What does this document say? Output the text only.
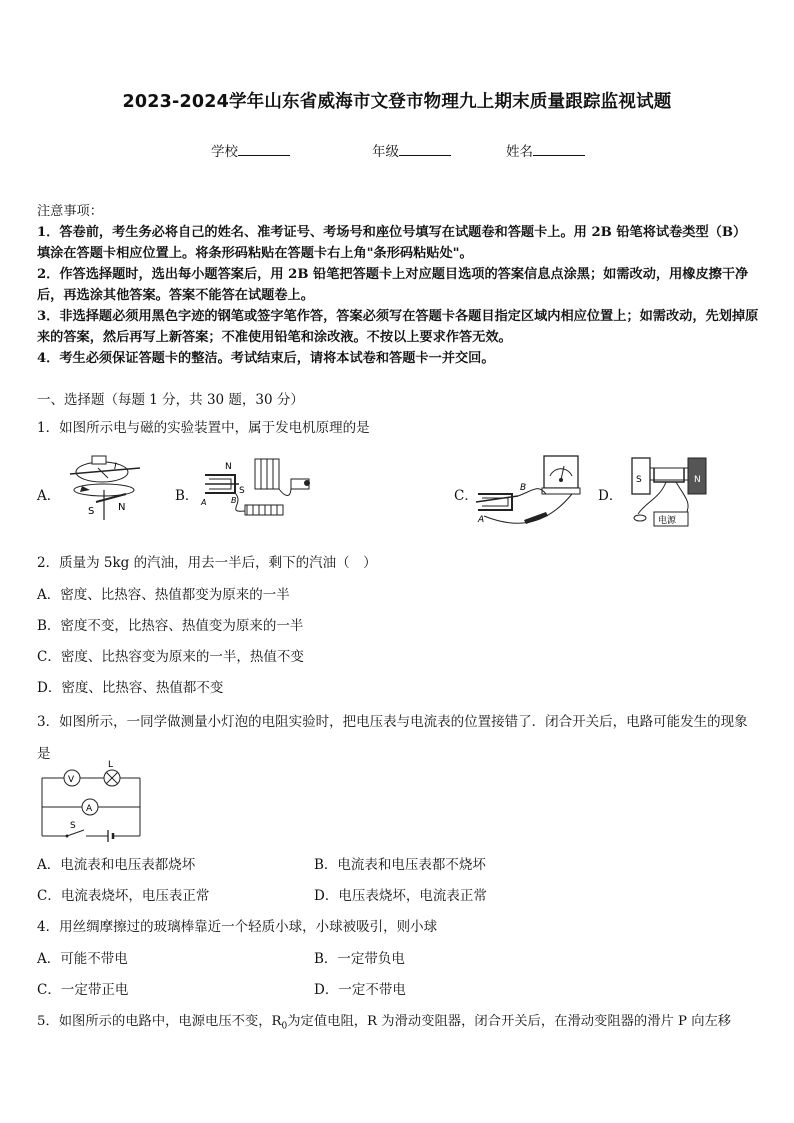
2023-2024学年山东省威海市文登市物理九上期末质量跟踪监视试题
学校	年级	姓名
注意事项：
1．答卷前，考生务必将自己的姓名、准考证号、考场号和座位号填写在试题卷和答题卡上。用 2B 铅笔将试卷类型（B）填涂在答题卡相应位置上。将条形码粘贴在答题卡右上角"条形码粘贴处"。
2．作答选择题时，选出每小题答案后，用 2B 铅笔把答题卡上对应题目选项的答案信息点涂黑；如需改动，用橡皮擦干净后，再选涂其他答案。答案不能答在试题卷上。
3．非选择题必须用黑色字迹的钢笔或签字笔作答，答案必须写在答题卡各题目指定区域内相应位置上；如需改动，先划掉原来的答案，然后再写上新答案；不准使用铅笔和涂改液。不按以上要求作答无效。
4．考生必须保证答题卡的整洁。考试结束后，请将本试卷和答题卡一并交回。
一、选择题（每题 1 分，共 30 题，30 分）
1．如图所示电与磁的实验装置中，属于发电机原理的是
A．	B．	C．	D．
I
S N
N
S
A	B
B
A
S	N
电源
2．质量为 5kg 的汽油，用去一半后，剩下的汽油（　）
A．密度、比热容、热值都变为原来的一半
B．密度不变，比热容、热值变为原来的一半
C．密度、比热容变为原来的一半，热值不变
D．密度、比热容、热值都不变
3．如图所示，一同学做测量小灯泡的电阻实验时，把电压表与电流表的位置接错了．闭合开关后，电路可能发生的现象是
V
L
A
S
A．电流表和电压表都烧坏	B．电流表和电压表都不烧坏
C．电流表烧坏，电压表正常	D．电压表烧坏，电流表正常
4．用丝绸摩擦过的玻璃棒靠近一个轻质小球，小球被吸引，则小球
A．可能不带电	B．一定带负电
C．一定带正电	D．一定不带电
5．如图所示的电路中，电源电压不变，$R_0$为定值电阻，R 为滑动变阻器，闭合开关后，在滑动变阻器的滑片 P 向左移
